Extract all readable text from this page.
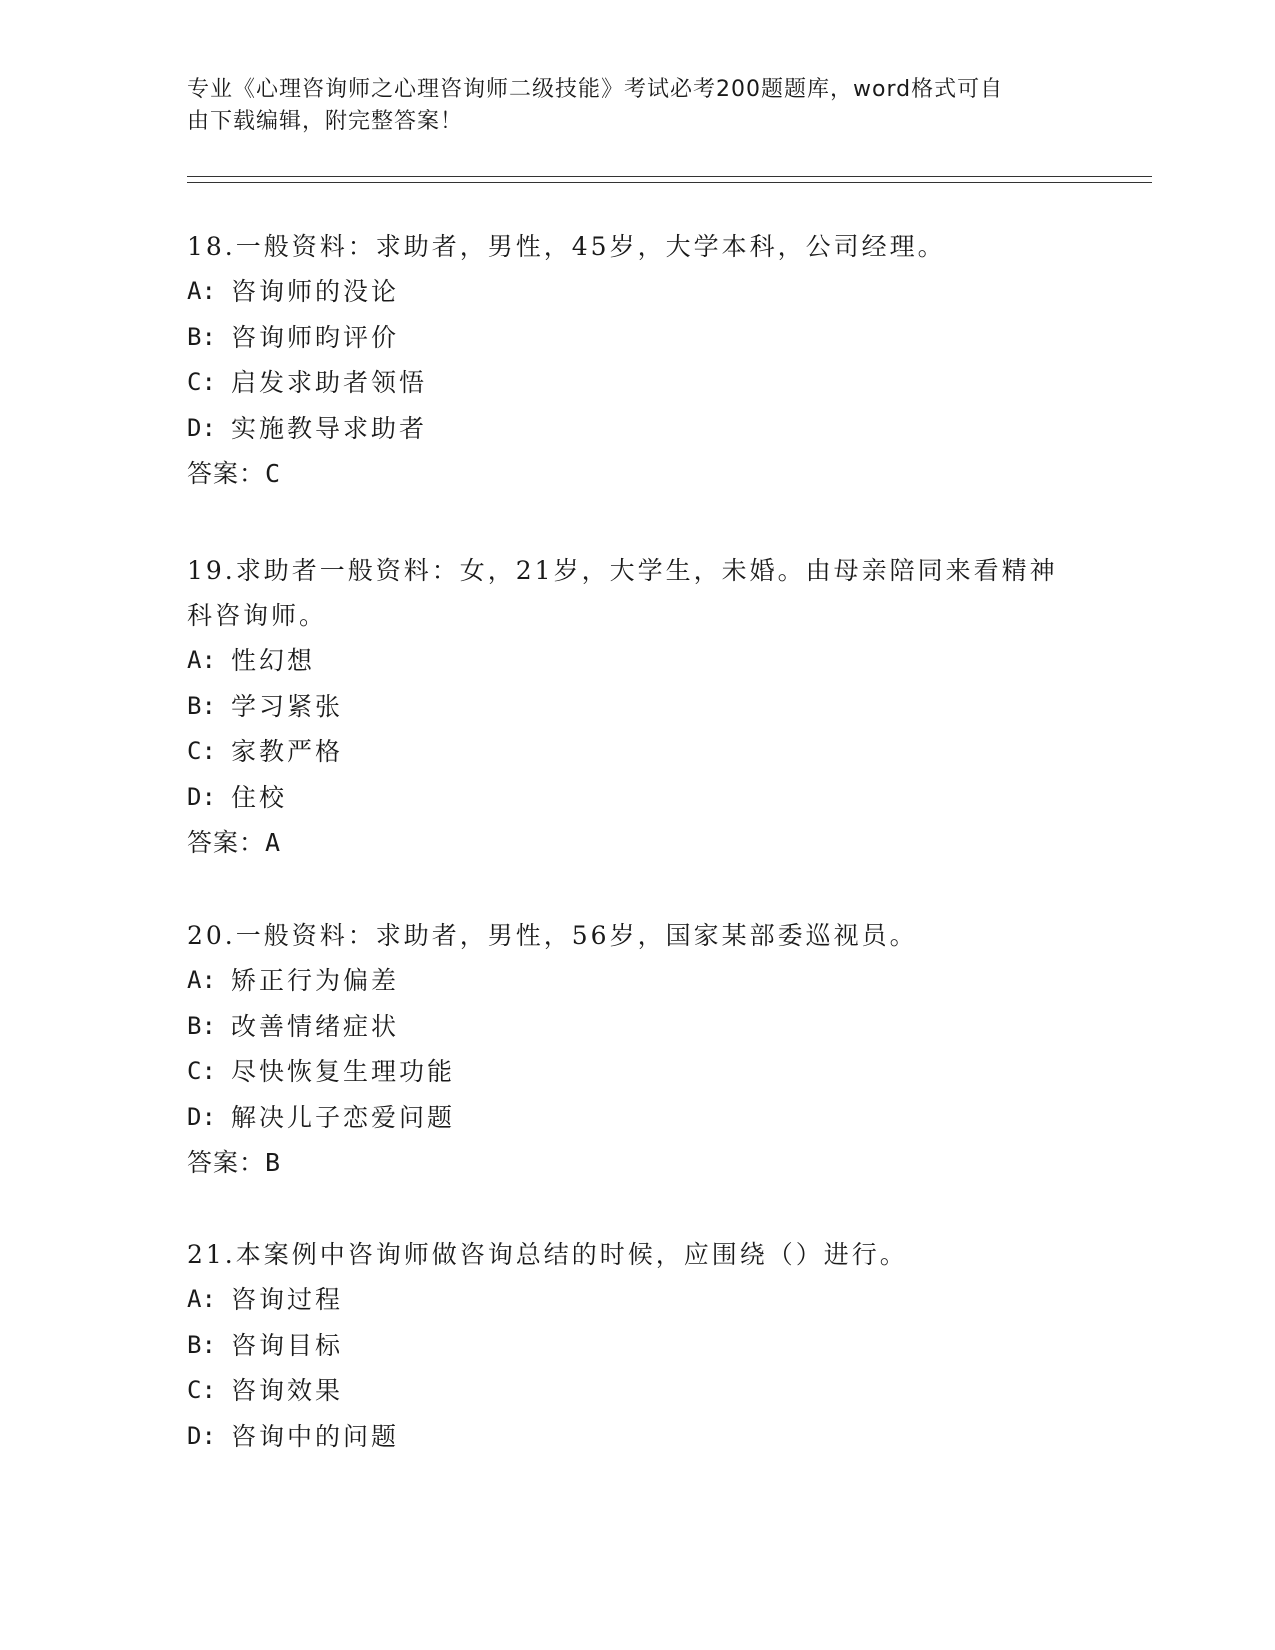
专业《心理咨询师之心理咨询师二级技能》考试必考200题题库，word格式可自

由下载编辑，附完整答案！

18.一般资料：求助者，男性，45岁，大学本科，公司经理。

A: 咨询师的没论

B: 咨询师昀评价

C: 启发求助者领悟

D: 实施教导求助者

答案：C

19.求助者一般资料：女，21岁，大学生，未婚。由母亲陪同来看精神

科咨询师。

A: 性幻想

B: 学习紧张

C: 家教严格

D: 住校

答案：A

20.一般资料：求助者，男性，56岁，国家某部委巡视员。

A: 矫正行为偏差

B: 改善情绪症状

C: 尽快恢复生理功能

D: 解决儿子恋爱问题

答案：B

21.本案例中咨询师做咨询总结的时候，应围绕（）进行。

A: 咨询过程

B: 咨询目标

C: 咨询效果

D: 咨询中的问题
